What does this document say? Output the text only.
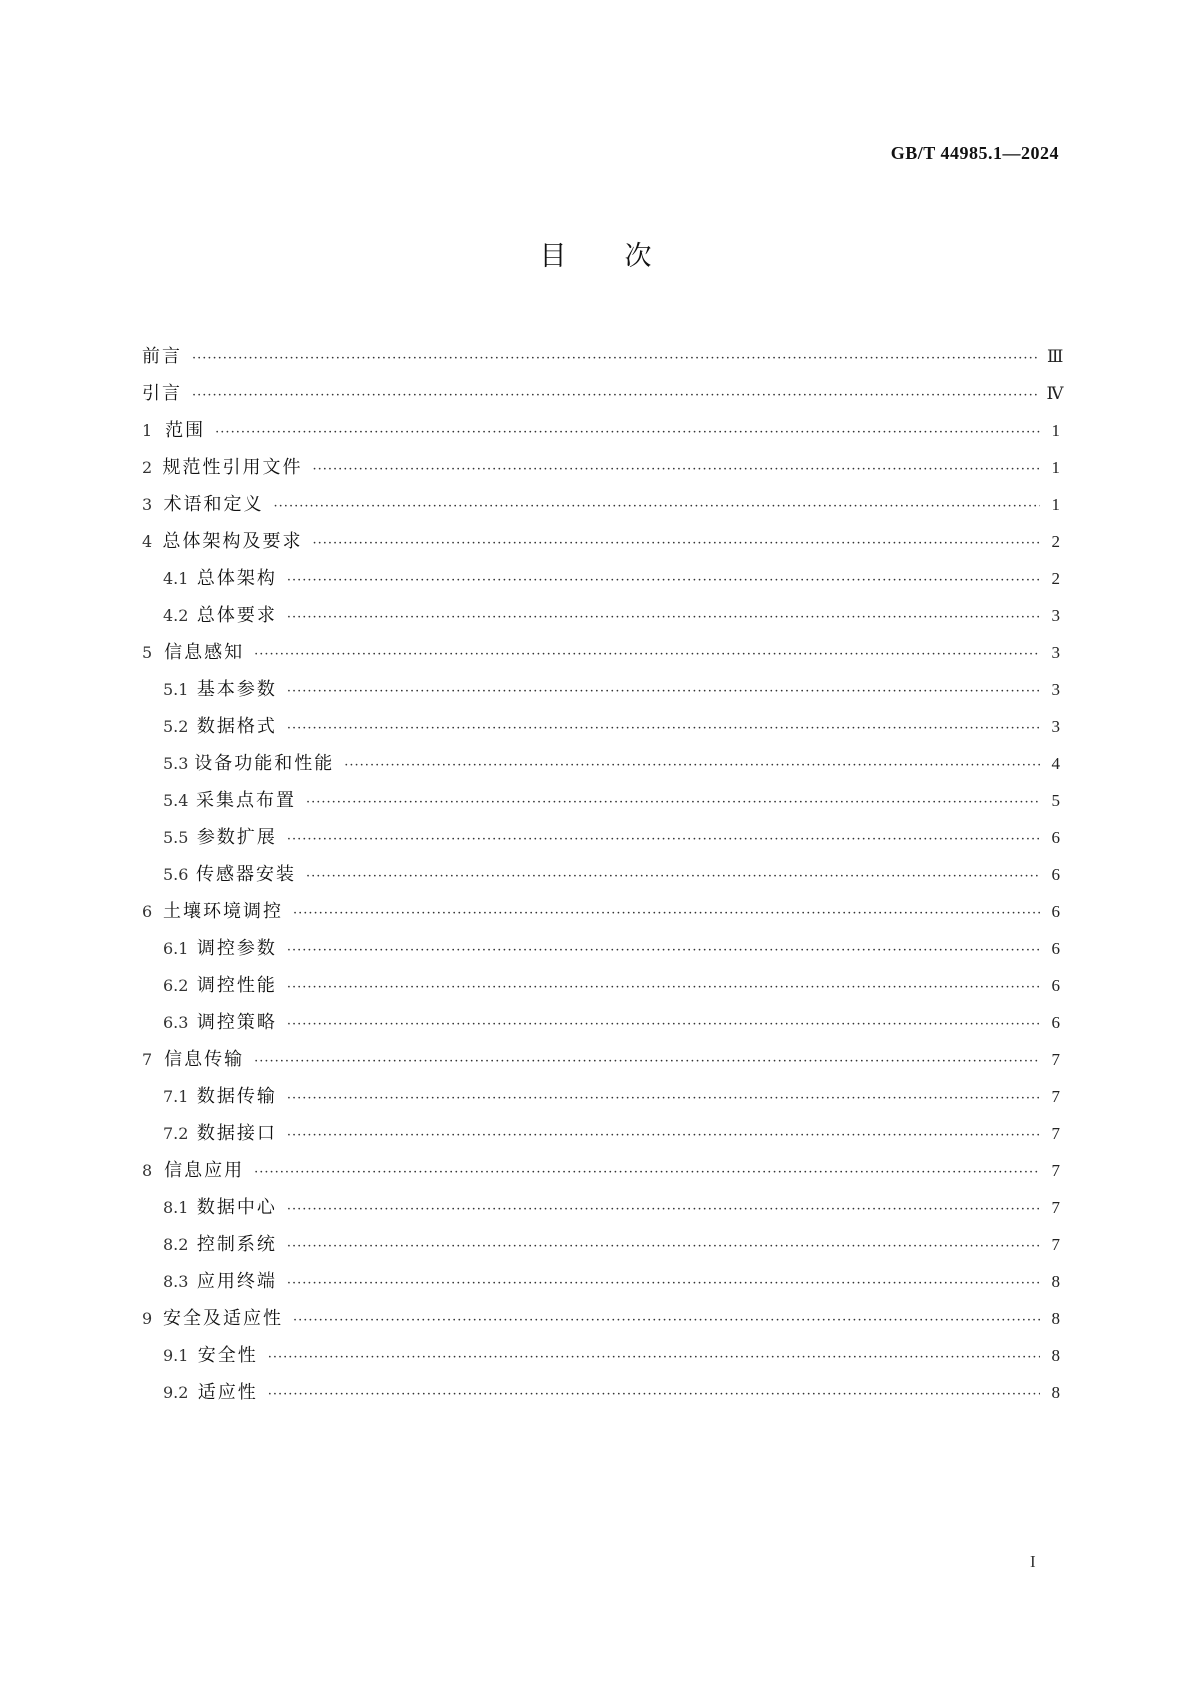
GB/T 44985.1—2024
目次
前言 ·····	Ⅲ
引言 ·····	Ⅳ
1 范围 ·····	1
2 规范性引用文件 ·····	1
3 术语和定义 ·····	1
4 总体架构及要求 ·····	2
4.1 总体架构 ·····	2
4.2 总体要求 ·····	3
5 信息感知 ·····	3
5.1 基本参数 ·····	3
5.2 数据格式 ·····	3
5.3 设备功能和性能 ·····	4
5.4 采集点布置 ·····	5
5.5 参数扩展 ·····	6
5.6 传感器安装 ·····	6
6 土壤环境调控 ·····	6
6.1 调控参数 ·····	6
6.2 调控性能 ·····	6
6.3 调控策略 ·····	6
7 信息传输 ·····	7
7.1 数据传输 ·····	7
7.2 数据接口 ·····	7
8 信息应用 ·····	7
8.1 数据中心 ·····	7
8.2 控制系统 ·····	7
8.3 应用终端 ·····	8
9 安全及适应性 ·····	8
9.1 安全性 ·····	8
9.2 适应性 ·····	8
I
